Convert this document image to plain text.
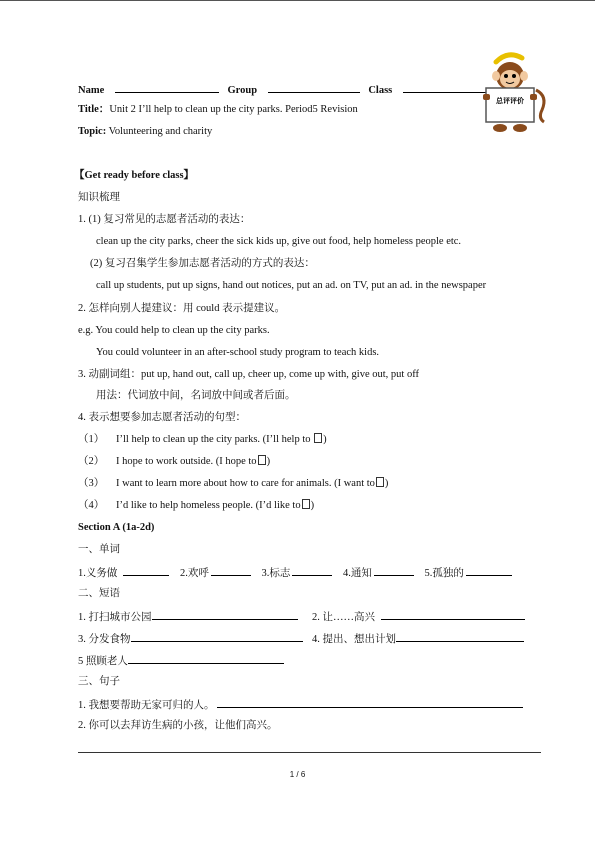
Name	Group	Class
Title：Unit 2 I’ll help to clean up the city parks. Period5 Revision
Topic: Volunteering and charity
总评评价
【Get ready before class】
知识梳理
1. (1) 复习常见的志愿者活动的表达：
clean up the city parks, cheer the sick kids up, give out food, help homeless people etc.
(2) 复习召集学生参加志愿者活动的方式的表达：
call up students, put up signs, hand out notices, put an ad. on TV, put an ad. in the newspaper
2. 怎样向别人提建议：用 could 表示提建议。
e.g. You could help to clean up the city parks.
You could volunteer in an after-school study program to teach kids.
3. 动副词组：put up, hand out, call up, cheer up, come up with, give out, put off
用法：代词放中间，名词放中间或者后面。
4. 表示想要参加志愿者活动的句型：
（1） I’ll help to clean up the city parks. (I’ll help to )
（2） I hope to work outside. (I hope to )
（3） I want to learn more about how to care for animals. (I want to )
（4） I’d like to help homeless people. (I’d like to )
Section A (1a-2d)
一、单词
1.义务做	2.欢呼	3.标志	4.通知	5.孤独的
二、短语
1. 打扫城市公园	2. 让……高兴
3. 分发食物	4. 提出、想出计划
5 照顾老人
三、句子
1. 我想要帮助无家可归的人。
2. 你可以去拜访生病的小孩，让他们高兴。
1 / 6
